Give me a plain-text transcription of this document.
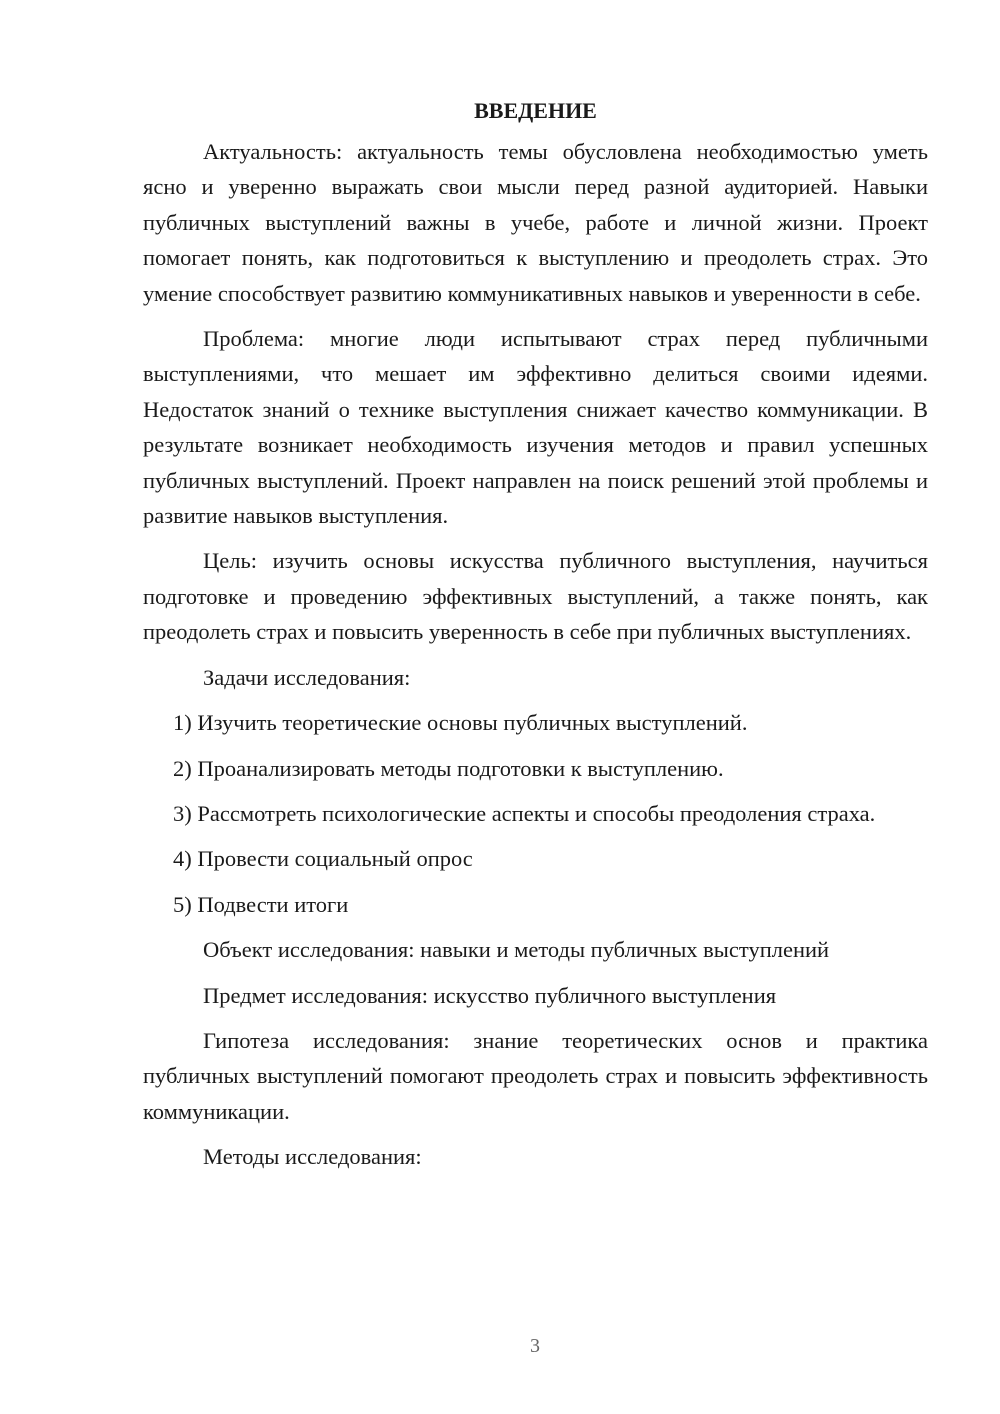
ВВЕДЕНИЕ

Актуальность: актуальность темы обусловлена необходимостью уметь ясно и уверенно выражать свои мысли перед разной аудиторией. Навыки публичных выступлений важны в учебе, работе и личной жизни. Проект помогает понять, как подготовиться к выступлению и преодолеть страх. Это умение способствует развитию коммуникативных навыков и уверенности в себе.

Проблема: многие люди испытывают страх перед публичными выступлениями, что мешает им эффективно делиться своими идеями. Недостаток знаний о технике выступления снижает качество коммуникации. В результате возникает необходимость изучения методов и правил успешных публичных выступлений. Проект направлен на поиск решений этой проблемы и развитие навыков выступления.

Цель: изучить основы искусства публичного выступления, научиться подготовке и проведению эффективных выступлений, а также понять, как преодолеть страх и повысить уверенность в себе при публичных выступлениях.

Задачи исследования:

1) Изучить теоретические основы публичных выступлений.

2) Проанализировать методы подготовки к выступлению.

3) Рассмотреть психологические аспекты и способы преодоления страха.

4) Провести социальный опрос

5) Подвести итоги

Объект исследования: навыки и методы публичных выступлений

Предмет исследования: искусство публичного выступления

Гипотеза исследования: знание теоретических основ и практика публичных выступлений помогают преодолеть страх и повысить эффективность коммуникации.

Методы исследования:

3
